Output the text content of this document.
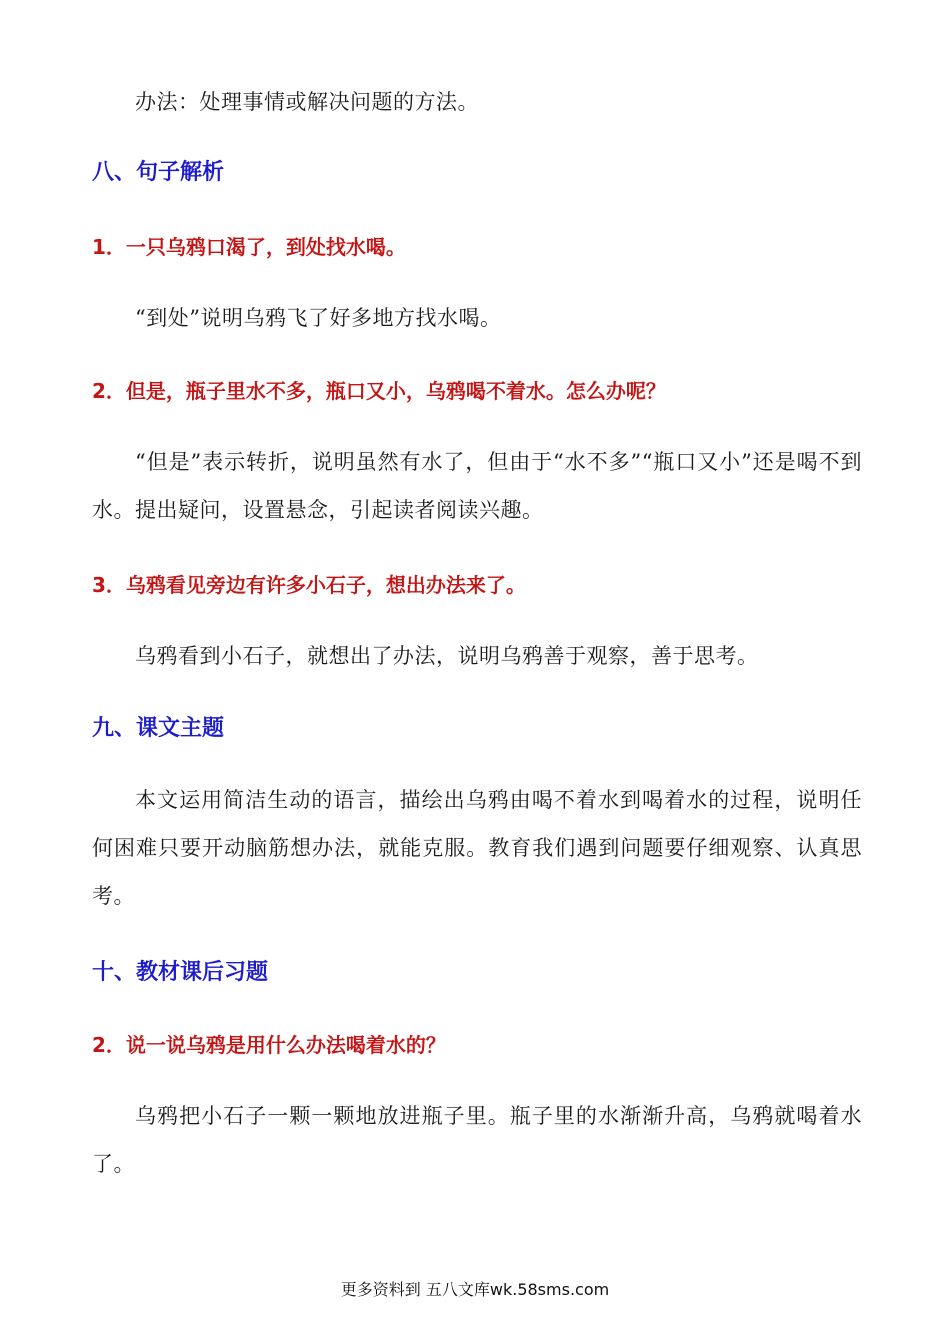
办法：处理事情或解决问题的方法。

八、句子解析
1．一只乌鸦口渴了，到处找水喝。

“到处”说明乌鸦飞了好多地方找水喝。

2．但是，瓶子里水不多，瓶口又小，乌鸦喝不着水。怎么办呢？

“但是”表示转折，说明虽然有水了，但由于“水不多”“瓶口又小”还是喝不到水。提出疑问，设置悬念，引起读者阅读兴趣。

3．乌鸦看见旁边有许多小石子，想出办法来了。

乌鸦看到小石子，就想出了办法，说明乌鸦善于观察，善于思考。

九、课文主题

本文运用简洁生动的语言，描绘出乌鸦由喝不着水到喝着水的过程，说明任何困难只要开动脑筋想办法，就能克服。教育我们遇到问题要仔细观察、认真思考。

十、教材课后习题
2．说一说乌鸦是用什么办法喝着水的？

乌鸦把小石子一颗一颗地放进瓶子里。瓶子里的水渐渐升高，乌鸦就喝着水了。

更多资料到 五八文库wk.58sms.com
